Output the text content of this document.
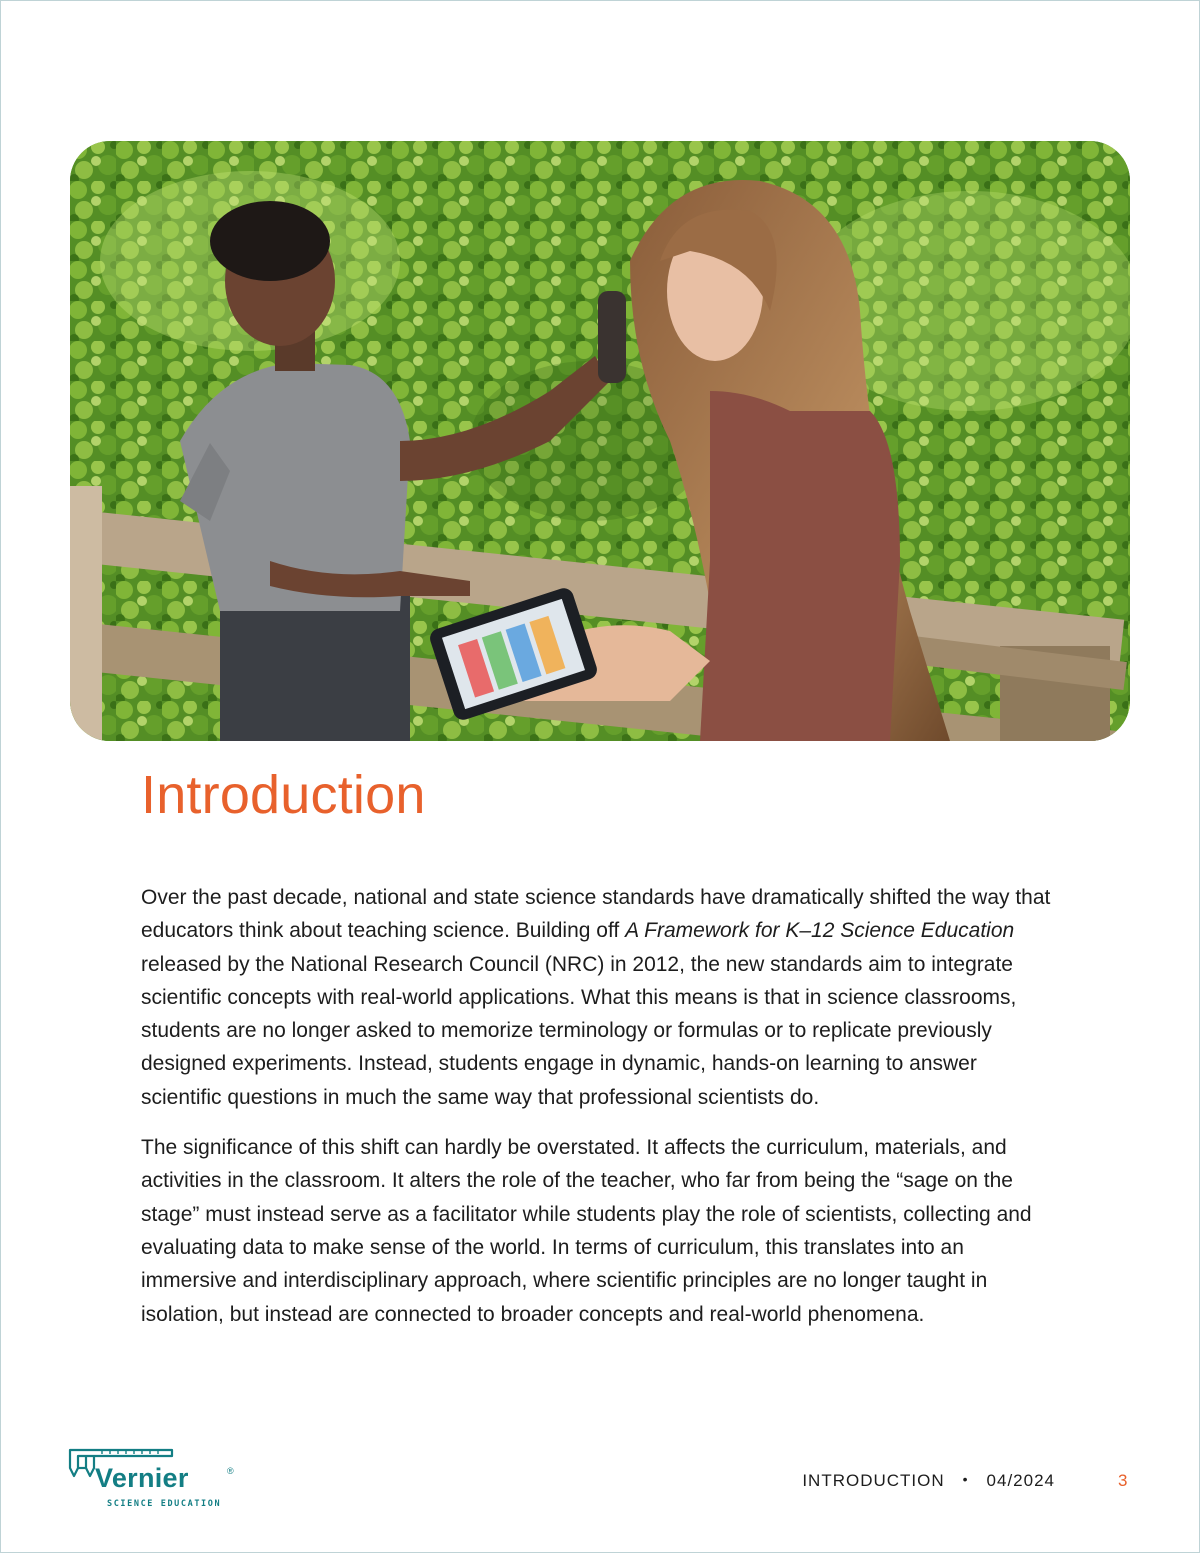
Introduction

Over the past decade, national and state science standards have dramatically shifted the way that educators think about teaching science. Building off A Framework for K–12 Science Education released by the National Research Council (NRC) in 2012, the new standards aim to integrate scientific concepts with real-world applications. What this means is that in science classrooms, students are no longer asked to memorize terminology or formulas or to replicate previously designed experiments. Instead, students engage in dynamic, hands-on learning to answer scientific questions in much the same way that professional scientists do.

The significance of this shift can hardly be overstated. It affects the curriculum, materials, and activities in the classroom. It alters the role of the teacher, who far from being the “sage on the stage” must instead serve as a facilitator while students play the role of scientists, collecting and evaluating data to make sense of the world. In terms of curriculum, this translates into an immersive and interdisciplinary approach, where scientific principles are no longer taught in isolation, but instead are connected to broader concepts and real-world phenomena.

Vernier	®
SCIENCE EDUCATION
INTRODUCTION • 04/2024	3
